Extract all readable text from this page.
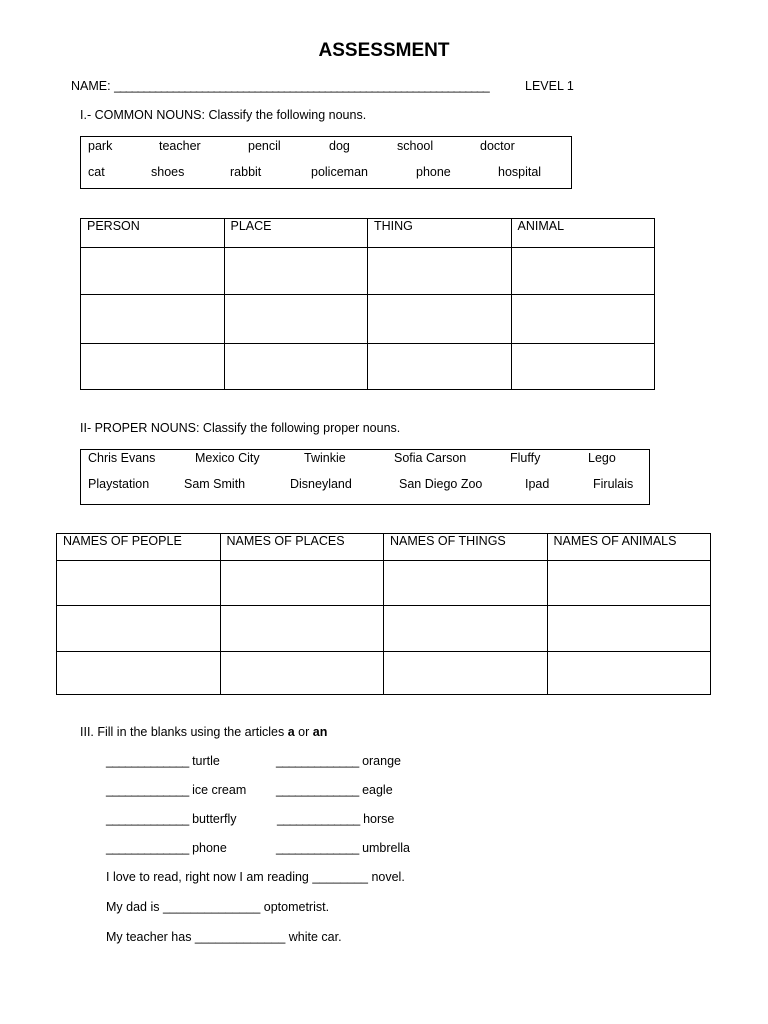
ASSESSMENT
NAME: ________________________________________________________________	LEVEL 1
I.- COMMON NOUNS: Classify the following nouns.
park	teacher	pencil	dog	school	doctor
cat	shoes	rabbit	policeman	phone	hospital
PERSON	PLACE	THING	ANIMAL

II- PROPER NOUNS: Classify the following proper nouns.
Chris Evans	Mexico City	Twinkie	Sofia Carson	Fluffy	Lego
Playstation	Sam Smith	Disneyland	San Diego Zoo	Ipad	Firulais
NAMES OF PEOPLE	NAMES OF PLACES	NAMES OF THINGS	NAMES OF ANIMALS

III. Fill in the blanks using the articles a or an
_____________ turtle	_____________ orange
_____________ ice cream _____________ eagle
_____________ butterfly	_____________ horse
_____________ phone	_____________ umbrella
I love to read, right now I am reading ________ novel.
My dad is ______________ optometrist.
My teacher has _____________ white car.
